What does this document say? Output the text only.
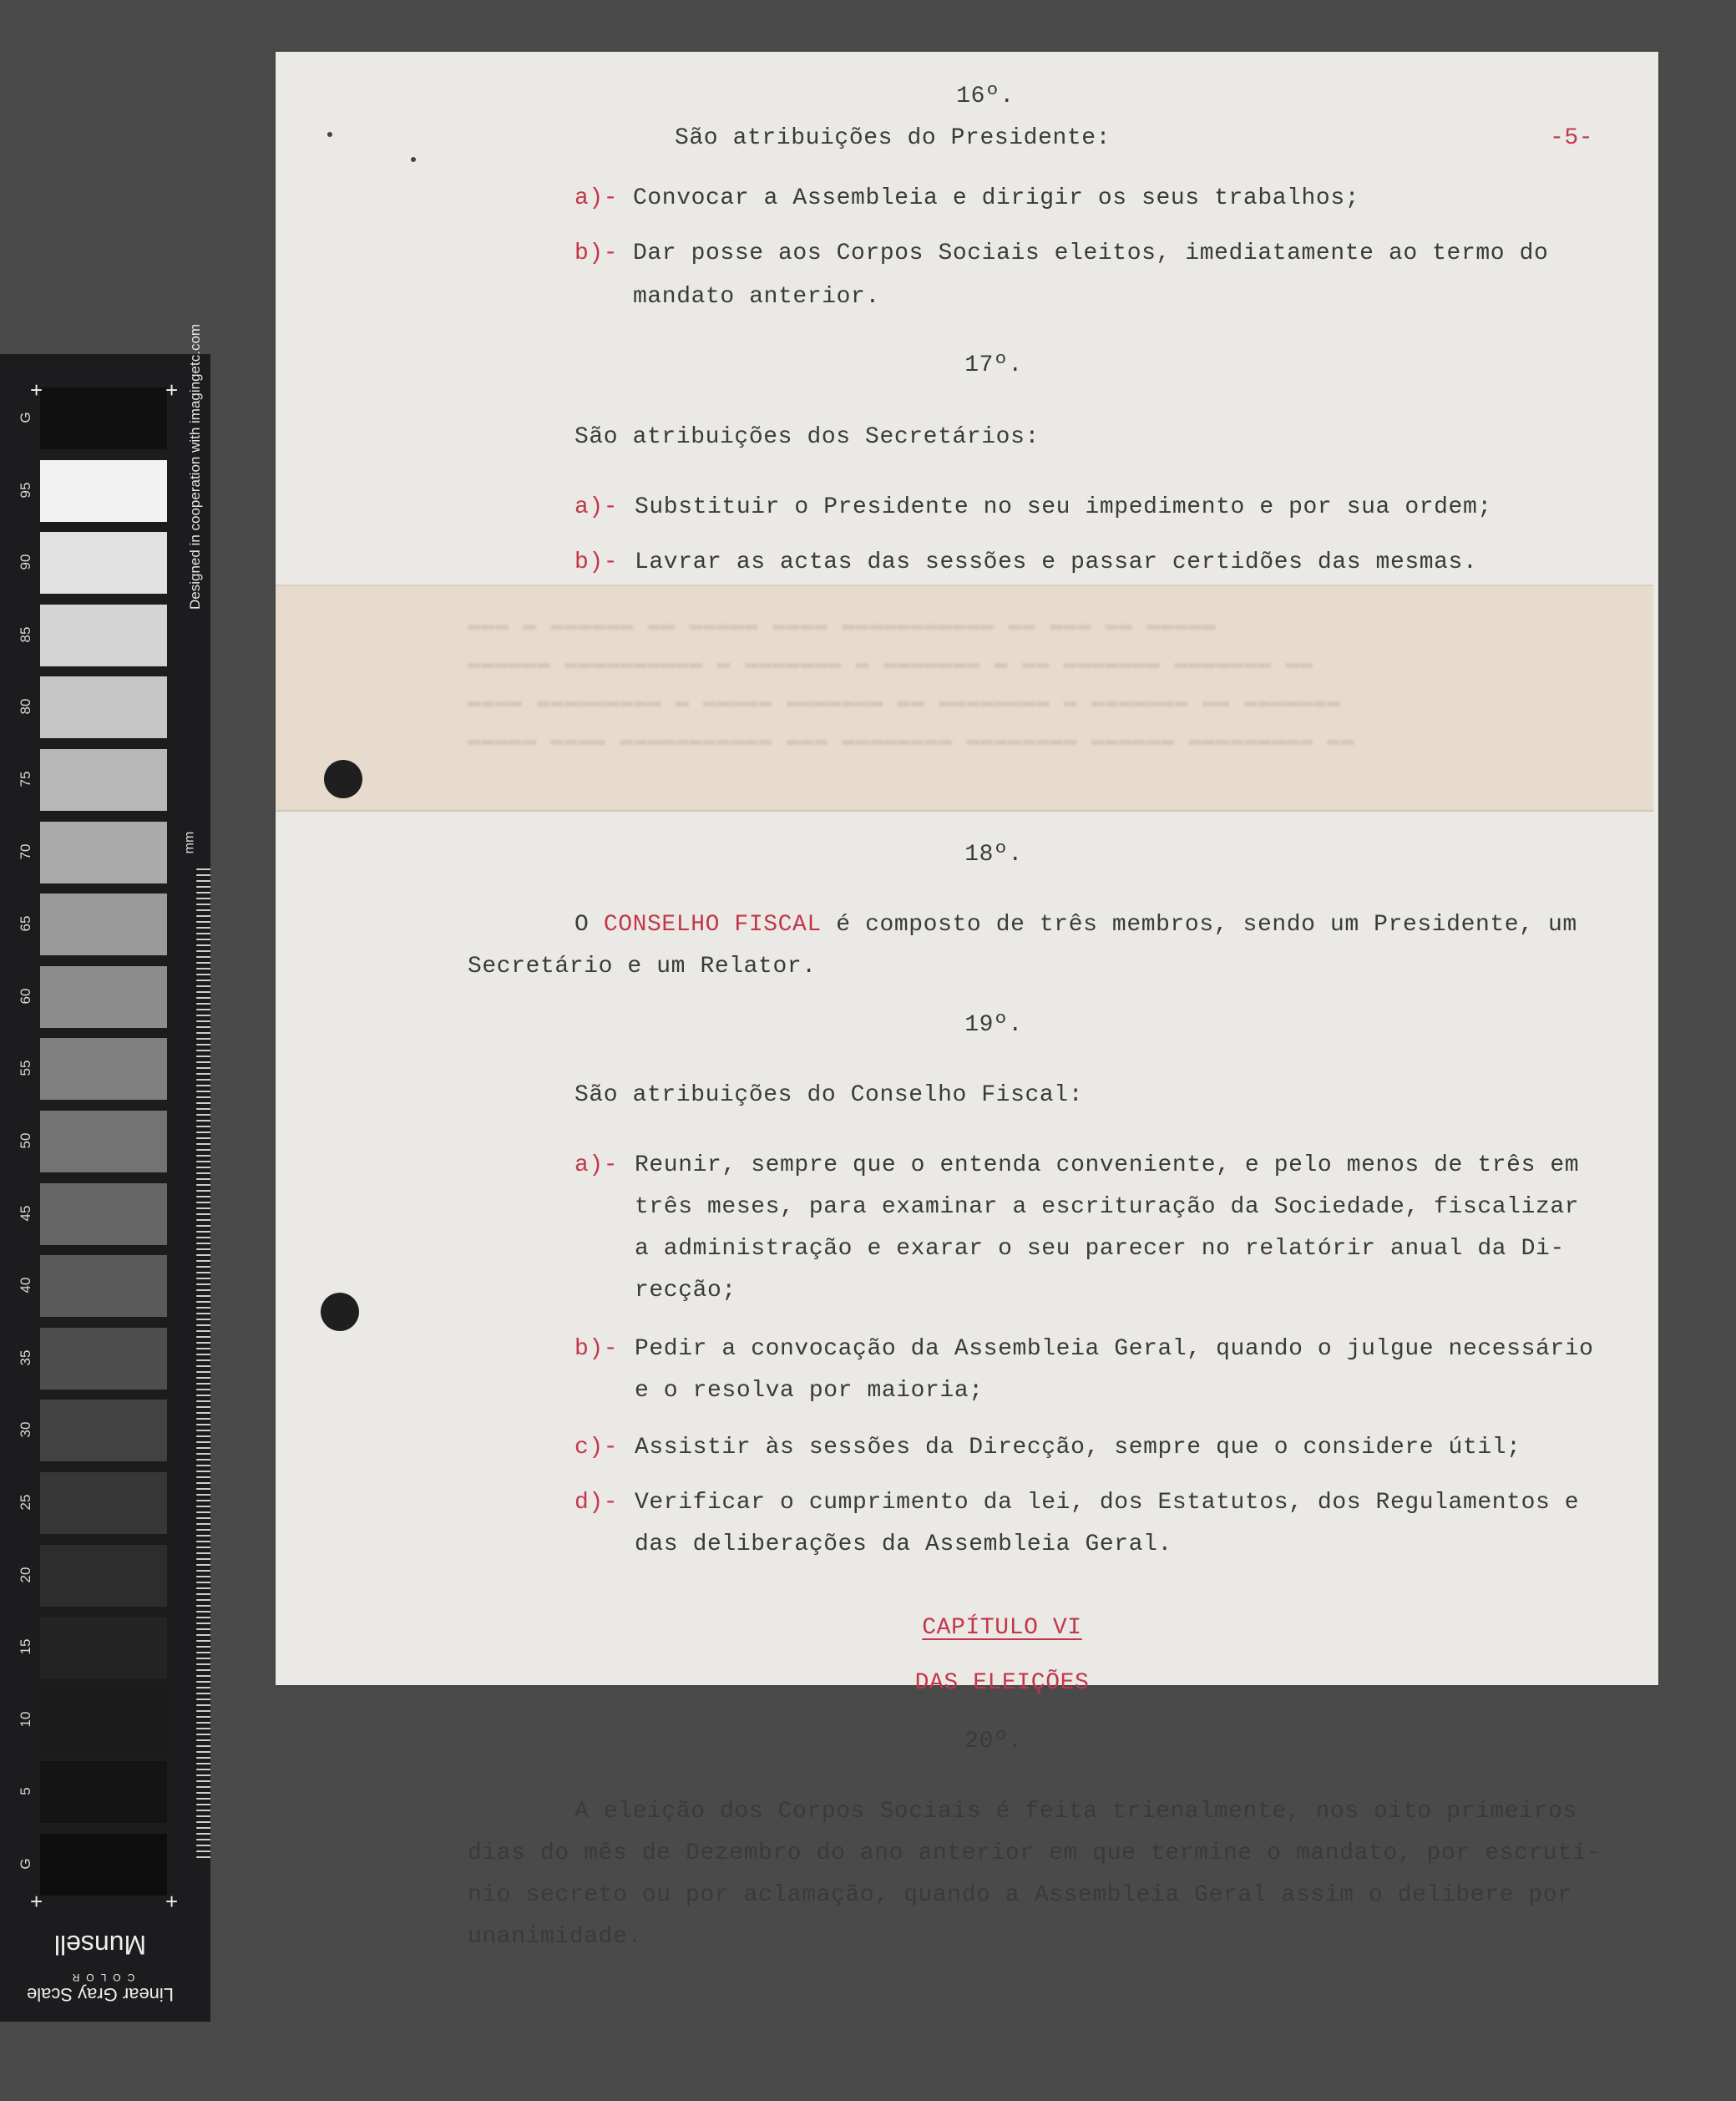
G
95
90
85
80
75
70
65
60
55
50
45
40
35
30
25
20
15
10
5
G
+	+
+	+
Designed in cooperation with imagingetc.com
mm
Linear Gray Scale
COLOR
Munsell
▬▬▬ ▬ ▬▬▬▬▬▬ ▬▬ ▬▬▬▬▬ ▬▬▬▬ ▬▬▬▬▬▬▬▬▬▬▬ ▬▬ ▬▬▬ ▬▬ ▬▬▬▬▬
▬▬▬▬▬▬ ▬▬▬▬▬▬▬▬▬▬ ▬ ▬▬▬▬▬▬▬ ▬ ▬▬▬▬▬▬▬ ▬ ▬▬ ▬▬▬▬▬▬▬ ▬▬▬▬▬▬▬ ▬▬
▬▬▬▬ ▬▬▬▬▬▬▬▬▬ ▬ ▬▬▬▬▬ ▬▬▬▬▬▬▬ ▬▬ ▬▬▬▬▬▬▬▬ ▬ ▬▬▬▬▬▬▬ ▬▬ ▬▬▬▬▬▬▬
▬▬▬▬▬ ▬▬▬▬ ▬▬▬▬▬▬▬▬▬▬▬ ▬▬▬ ▬▬▬▬▬▬▬▬ ▬▬▬▬▬▬▬▬ ▬▬▬▬▬▬ ▬▬▬▬▬▬▬▬▬ ▬▬
-5-
16º.
São atribuições do Presidente:
a)- Convocar a Assembleia e dirigir os seus trabalhos;
b)- Dar posse aos Corpos Sociais eleitos, imediatamente ao termo do
mandato anterior.
17º.
São atribuições dos Secretários:
a)- Substituir o Presidente no seu impedimento e por sua ordem;
b)- Lavrar as actas das sessões e passar certidões das mesmas.
18º.
O CONSELHO FISCAL é composto de três membros, sendo um Presidente, um
Secretário e um Relator.
19º.
São atribuições do Conselho Fiscal:
a)- Reunir, sempre que o entenda conveniente, e pelo menos de três em
três meses, para examinar a escrituração da Sociedade, fiscalizar
a administração e exarar o seu parecer no relatórir anual da Di-
recção;
b)- Pedir a convocação da Assembleia Geral, quando o julgue necessário
e o resolva por maioria;
c)- Assistir às sessões da Direcção, sempre que o considere útil;
d)- Verificar o cumprimento da lei, dos Estatutos, dos Regulamentos e
das deliberações da Assembleia Geral.
CAPÍTULO VI
DAS ELEIÇÕES
20º.
A eleição dos Corpos Sociais é feita trienalmente, nos oito primeiros
dias do mês de Dezembro do ano anterior em que termine o mandato, por escrutí-
nio secreto ou por aclamação, quando a Assembleia Geral assim o delibere por
unanimidade.
